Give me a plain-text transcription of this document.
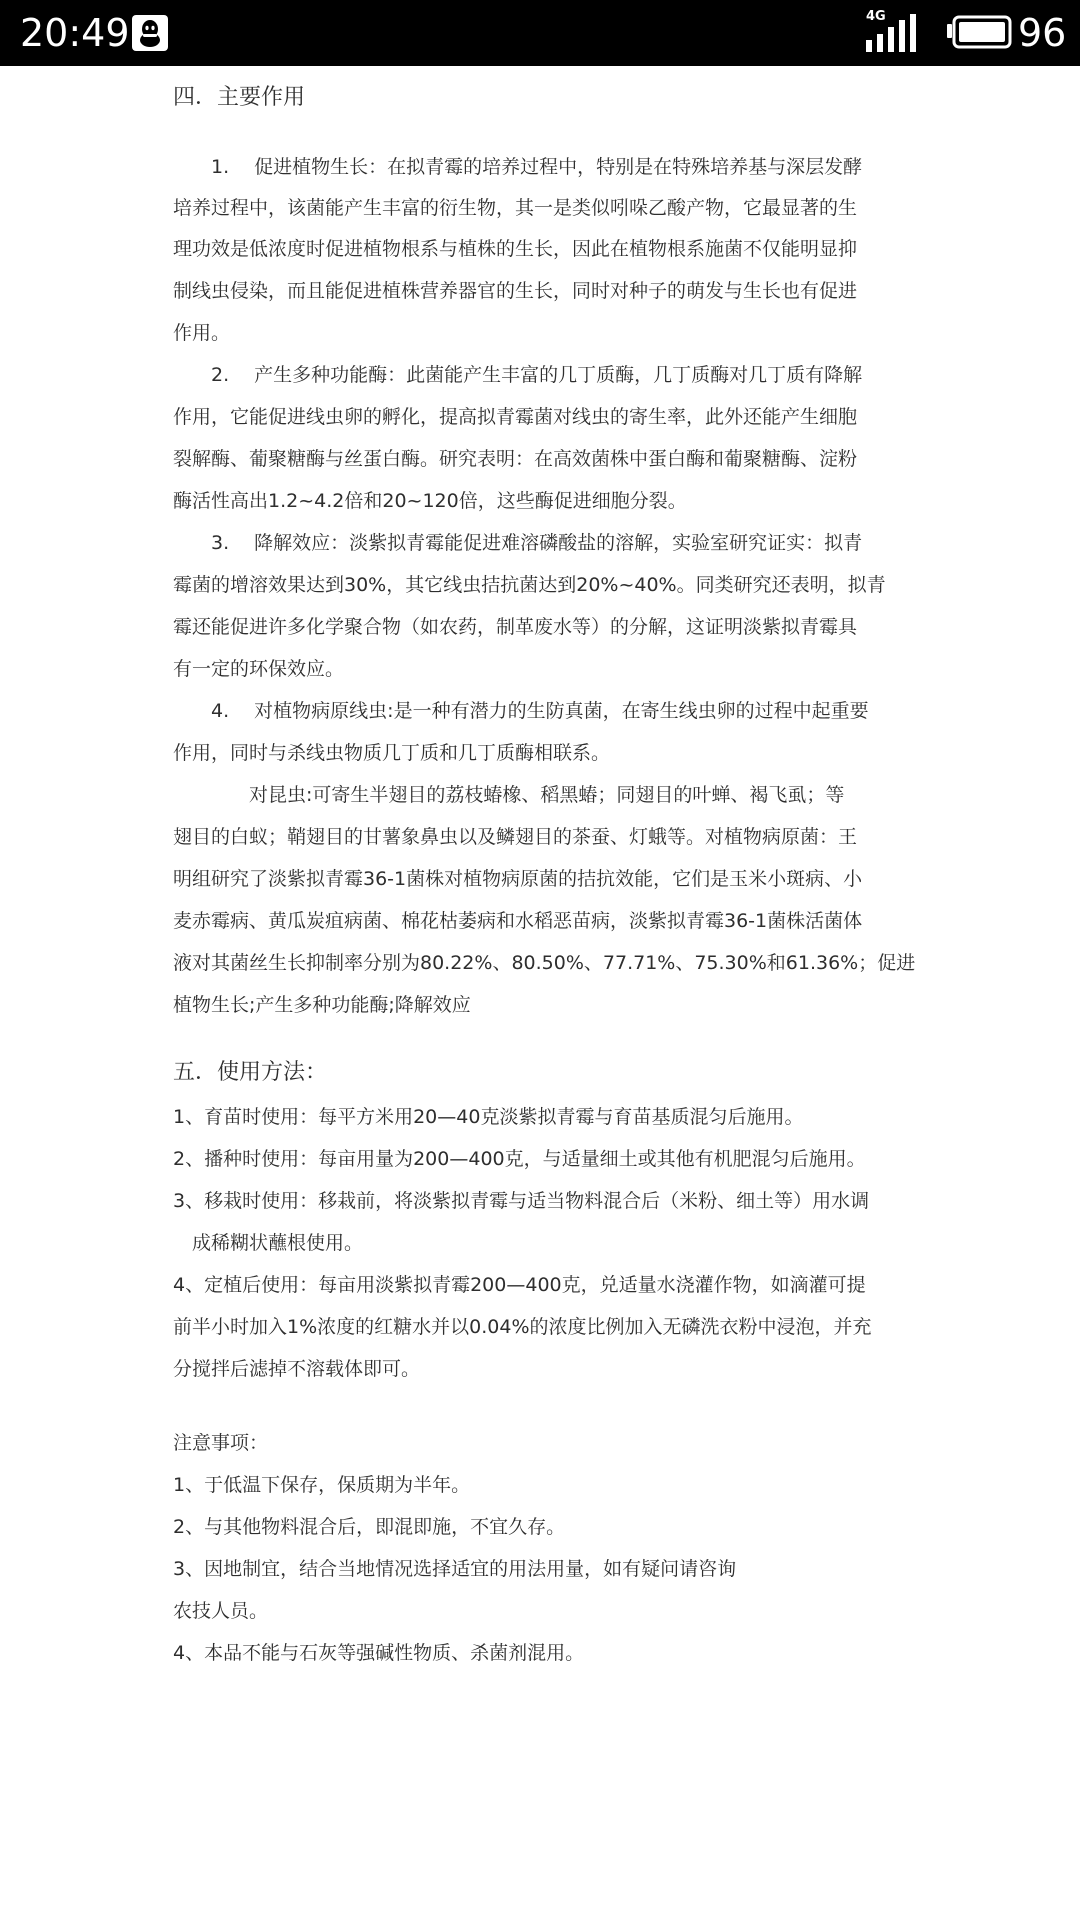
20:49	4G	96
四．主要作用
　　1.　 促进植物生长：在拟青霉的培养过程中，特别是在特殊培养基与深层发酵
培养过程中，该菌能产生丰富的衍生物，其一是类似吲哚乙酸产物，它最显著的生
理功效是低浓度时促进植物根系与植株的生长，因此在植物根系施菌不仅能明显抑
制线虫侵染，而且能促进植株营养器官的生长，同时对种子的萌发与生长也有促进
作用。
　　2.　 产生多种功能酶：此菌能产生丰富的几丁质酶，几丁质酶对几丁质有降解
作用，它能促进线虫卵的孵化，提高拟青霉菌对线虫的寄生率，此外还能产生细胞
裂解酶、葡聚糖酶与丝蛋白酶。研究表明：在高效菌株中蛋白酶和葡聚糖酶、淀粉
酶活性高出1.2~4.2倍和20~120倍，这些酶促进细胞分裂。
　　3.　 降解效应：淡紫拟青霉能促进难溶磷酸盐的溶解，实验室研究证实：拟青
霉菌的增溶效果达到30%，其它线虫拮抗菌达到20%~40%。同类研究还表明，拟青
霉还能促进许多化学聚合物（如农药，制革废水等）的分解，这证明淡紫拟青霉具
有一定的环保效应。
　　4.　 对植物病原线虫:是一种有潜力的生防真菌，在寄生线虫卵的过程中起重要
作用，同时与杀线虫物质几丁质和几丁质酶相联系。
　　　　对昆虫:可寄生半翅目的荔枝蝽橡、稻黑蝽；同翅目的叶蝉、褐飞虱；等
翅目的白蚁；鞘翅目的甘薯象鼻虫以及鳞翅目的茶蚕、灯蛾等。对植物病原菌：王
明组研究了淡紫拟青霉36-1菌株对植物病原菌的拮抗效能，它们是玉米小斑病、小
麦赤霉病、黄瓜炭疽病菌、棉花枯萎病和水稻恶苗病，淡紫拟青霉36-1菌株活菌体
液对其菌丝生长抑制率分别为80.22%、80.50%、77.71%、75.30%和61.36%；促进
植物生长;产生多种功能酶;降解效应
五．使用方法：
1、育苗时使用：每平方米用20—40克淡紫拟青霉与育苗基质混匀后施用。
2、播种时使用：每亩用量为200—400克，与适量细土或其他有机肥混匀后施用。
3、移栽时使用：移栽前，将淡紫拟青霉与适当物料混合后（米粉、细土等）用水调
　成稀糊状蘸根使用。
4、定植后使用：每亩用淡紫拟青霉200—400克，兑适量水浇灌作物，如滴灌可提
前半小时加入1%浓度的红糖水并以0.04%的浓度比例加入无磷洗衣粉中浸泡，并充
分搅拌后滤掉不溶载体即可。
注意事项：
1、于低温下保存，保质期为半年。
2、与其他物料混合后，即混即施，不宜久存。
3、因地制宜，结合当地情况选择适宜的用法用量，如有疑问请咨询
农技人员。
4、本品不能与石灰等强碱性物质、杀菌剂混用。
